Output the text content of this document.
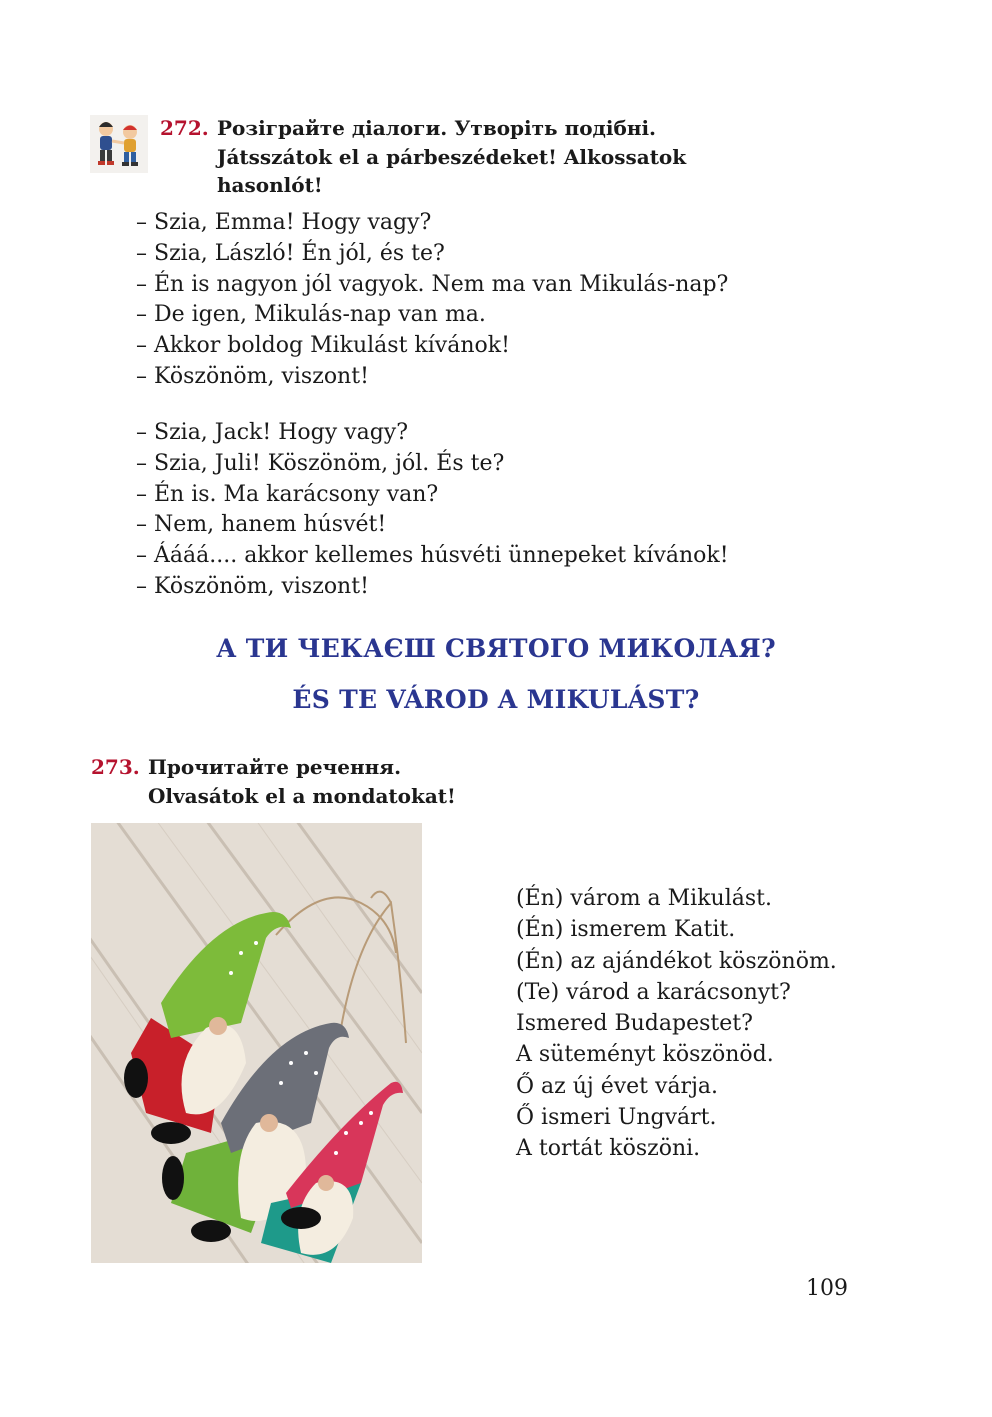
272. Розіграйте діалоги. Утворіть подібні.
Játsszátok el a párbeszédeket! Alkossatok
hasonlót!
– Szia, Emma! Hogy vagy?
– Szia, László! Én jól, és te?
– Én is nagyon jól vagyok. Nem ma van Mikulás-nap?
– De igen, Mikulás-nap van ma.
– Akkor boldog Mikulást kívánok!
– Köszönöm, viszont!
– Szia, Jack! Hogy vagy?
– Szia, Juli! Köszönöm, jól. És te?
– Én is. Ma karácsony van?
– Nem, hanem húsvét!
– Áááá.... akkor kellemes húsvéti ünnepeket kívánok!
– Köszönöm, viszont!
А ТИ ЧЕКАЄШ СВЯТОГО МИКОЛАЯ?
ÉS TE VÁROD A MIKULÁST?
273. Прочитайте речення.
Olvasátok el a mondatokat!
(Én) várom a Mikulást.
(Én) ismerem Katit.
(Én) az ajándékot köszönöm.
(Te) várod a karácsonyt?
Ismered Budapestet?
A süteményt köszönöd.
Ő az új évet várja.
Ő ismeri Ungvárt.
A tortát köszöni.
109
